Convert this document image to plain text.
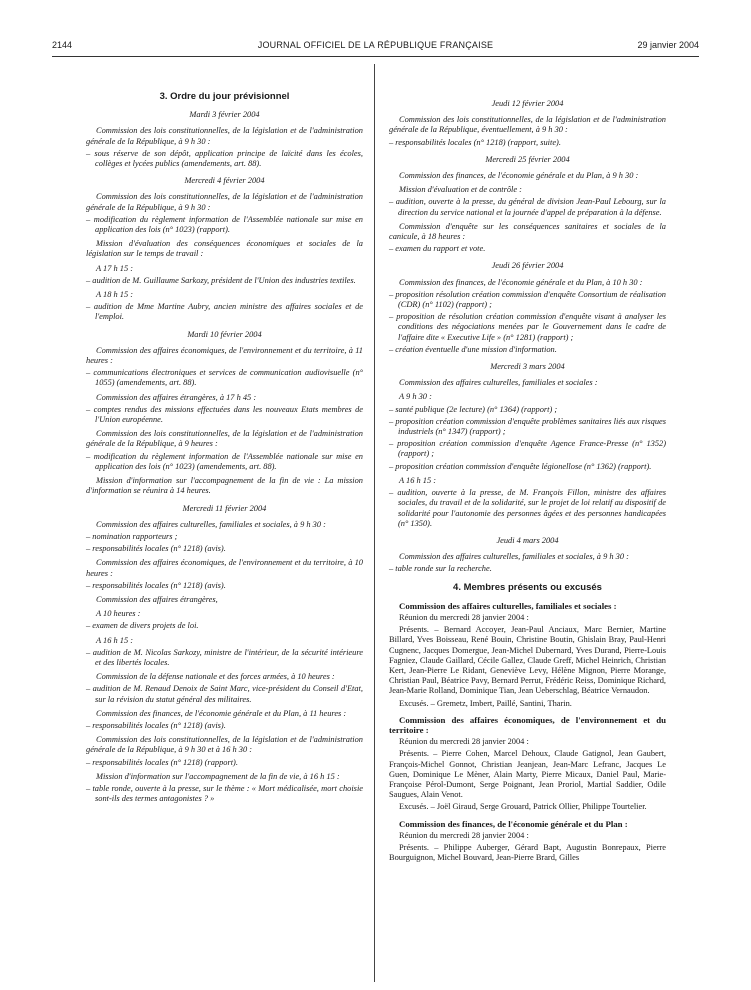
2144	JOURNAL OFFICIEL DE LA RÉPUBLIQUE FRANÇAISE	29 janvier 2004
3. Ordre du jour prévisionnel
Mardi 3 février 2004
Commission des lois constitutionnelles, de la législation et de l'administration générale de la République, à 9 h 30 :
– sous réserve de son dépôt, application principe de laïcité dans les écoles, collèges et lycées publics (amendements, art. 88).
Mercredi 4 février 2004
Commission des lois constitutionnelles, de la législation et de l'administration générale de la République, à 9 h 30 :
– modification du règlement information de l'Assemblée nationale sur mise en application des lois (n° 1023) (rapport).
Mission d'évaluation des conséquences économiques et sociales de la législation sur le temps de travail :
A 17 h 15 :
– audition de M. Guillaume Sarkozy, président de l'Union des industries textiles.
A 18 h 15 :
– audition de Mme Martine Aubry, ancien ministre des affaires sociales et de l'emploi.
Mardi 10 février 2004
Commission des affaires économiques, de l'environnement et du territoire, à 11 heures :
– communications électroniques et services de communication audiovisuelle (n° 1055) (amendements, art. 88).
Commission des affaires étrangères, à 17 h 45 :
– comptes rendus des missions effectuées dans les nouveaux Etats membres de l'Union européenne.
Commission des lois constitutionnelles, de la législation et de l'administration générale de la République, à 9 heures :
– modification du règlement information de l'Assemblée nationale sur mise en application des lois (n° 1023) (amendements, art. 88).
Mission d'information sur l'accompagnement de la fin de vie : La mission d'information se réunira à 14 heures.
Mercredi 11 février 2004
Commission des affaires culturelles, familiales et sociales, à 9 h 30 :
– nomination rapporteurs ;
– responsabilités locales (n° 1218) (avis).
Commission des affaires économiques, de l'environnement et du territoire, à 10 heures :
– responsabilités locales (n° 1218) (avis).
Commission des affaires étrangères,
A 10 heures :
– examen de divers projets de loi.
A 16 h 15 :
– audition de M. Nicolas Sarkozy, ministre de l'intérieur, de la sécurité intérieure et des libertés locales.
Commission de la défense nationale et des forces armées, à 10 heures :
– audition de M. Renaud Denoix de Saint Marc, vice-président du Conseil d'Etat, sur la révision du statut général des militaires.
Commission des finances, de l'économie générale et du Plan, à 11 heures :
– responsabilités locales (n° 1218) (avis).
Commission des lois constitutionnelles, de la législation et de l'administration générale de la République, à 9 h 30 et à 16 h 30 :
– responsabilités locales (n° 1218) (rapport).
Mission d'information sur l'accompagnement de la fin de vie, à 16 h 15 :
– table ronde, ouverte à la presse, sur le thème : « Mort médicalisée, mort choisie sont-ils des termes antagonistes ? »
Jeudi 12 février 2004
Commission des lois constitutionnelles, de la législation et de l'administration générale de la République, éventuellement, à 9 h 30 :
– responsabilités locales (n° 1218) (rapport, suite).
Mercredi 25 février 2004
Commission des finances, de l'économie générale et du Plan, à 9 h 30 :
Mission d'évaluation et de contrôle :
– audition, ouverte à la presse, du général de division Jean-Paul Lebourg, sur la direction du service national et la journée d'appel de préparation à la défense.
Commission d'enquête sur les conséquences sanitaires et sociales de la canicule, à 18 heures :
– examen du rapport et vote.
Jeudi 26 février 2004
Commission des finances, de l'économie générale et du Plan, à 10 h 30 :
– proposition résolution création commission d'enquête Consortium de réalisation (CDR) (n° 1102) (rapport) ;
– proposition de résolution création commission d'enquête visant à analyser les conditions des négociations menées par le Gouvernement dans le cadre de l'affaire dite « Executive Life » (n° 1281) (rapport) ;
– création éventuelle d'une mission d'information.
Mercredi 3 mars 2004
Commission des affaires culturelles, familiales et sociales :
A 9 h 30 :
– santé publique (2e lecture) (n° 1364) (rapport) ;
– proposition création commission d'enquête problèmes sanitaires liés aux risques industriels (n° 1347) (rapport) ;
– proposition création commission d'enquête Agence France-Presse (n° 1352) (rapport) ;
– proposition création commission d'enquête légionellose (n° 1362) (rapport).
A 16 h 15 :
– audition, ouverte à la presse, de M. François Fillon, ministre des affaires sociales, du travail et de la solidarité, sur le projet de loi relatif au dispositif de solidarité pour l'autonomie des personnes âgées et des personnes handicapées (n° 1350).
Jeudi 4 mars 2004
Commission des affaires culturelles, familiales et sociales, à 9 h 30 :
– table ronde sur la recherche.
4. Membres présents ou excusés
Commission des affaires culturelles, familiales et sociales :
Réunion du mercredi 28 janvier 2004 :
Présents. – Bernard Accoyer, Jean-Paul Anciaux, Marc Bernier, Martine Billard, Yves Boisseau, René Bouin, Christine Boutin, Ghislain Bray, Paul-Henri Cugnenc, Jacques Domergue, Jean-Michel Dubernard, Yves Durand, Pierre-Louis Fagniez, Claude Gaillard, Cécile Gallez, Claude Greff, Michel Heinrich, Christian Kert, Jean-Pierre Le Ridant, Geneviève Levy, Hélène Mignon, Pierre Morange, Christian Paul, Béatrice Pavy, Bernard Perrut, Frédéric Reiss, Dominique Richard, Jean-Marie Rolland, Dominique Tian, Jean Ueberschlag, Béatrice Vernaudon.
Excusés. – Gremetz, Imbert, Paillé, Santini, Tharin.
Commission des affaires économiques, de l'environnement et du territoire :
Réunion du mercredi 28 janvier 2004 :
Présents. – Pierre Cohen, Marcel Dehoux, Claude Gatignol, Jean Gaubert, François-Michel Gonnot, Christian Jeanjean, Jean-Marc Lefranc, Jacques Le Guen, Dominique Le Mèner, Alain Marty, Pierre Micaux, Daniel Paul, Marie-Françoise Pérol-Dumont, Serge Poignant, Jean Proriol, Martial Saddier, Odile Saugues, Alain Venot.
Excusés. – Joël Giraud, Serge Grouard, Patrick Ollier, Philippe Tourtelier.
Commission des finances, de l'économie générale et du Plan :
Réunion du mercredi 28 janvier 2004 :
Présents. – Philippe Auberger, Gérard Bapt, Augustin Bonrepaux, Pierre Bourguignon, Michel Bouvard, Jean-Pierre Brard, Gilles
